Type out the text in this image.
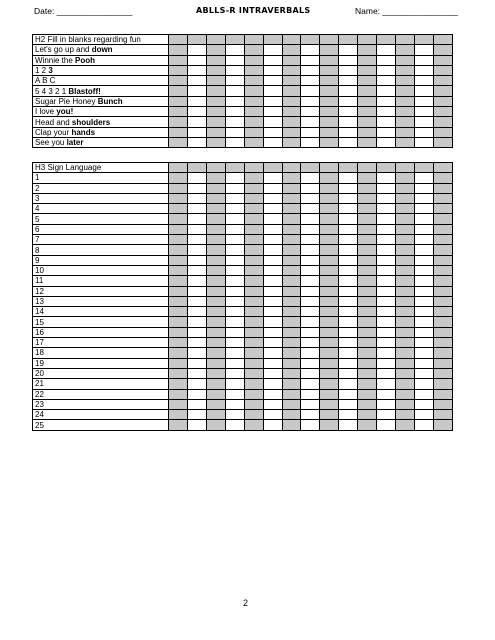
Date: ________________	ABLLS-R INTRAVERBALS	Name: ________________
H2 Fill in blanks regarding fun															
Let's go up and down															
Winnie the Pooh															
1 2 3															
A B C															
5 4 3 2 1 Blastoff!															
Sugar Pie Honey Bunch															
I love you!															
Head and shoulders															
Clap your hands															
See you later															
H3 Sign Language															
1															
2															
3															
4															
5															
6															
7															
8															
9															
10															
11															
12															
13															
14															
15															
16															
17															
18															
19															
20															
21															
22															
23															
24															
25															
2
